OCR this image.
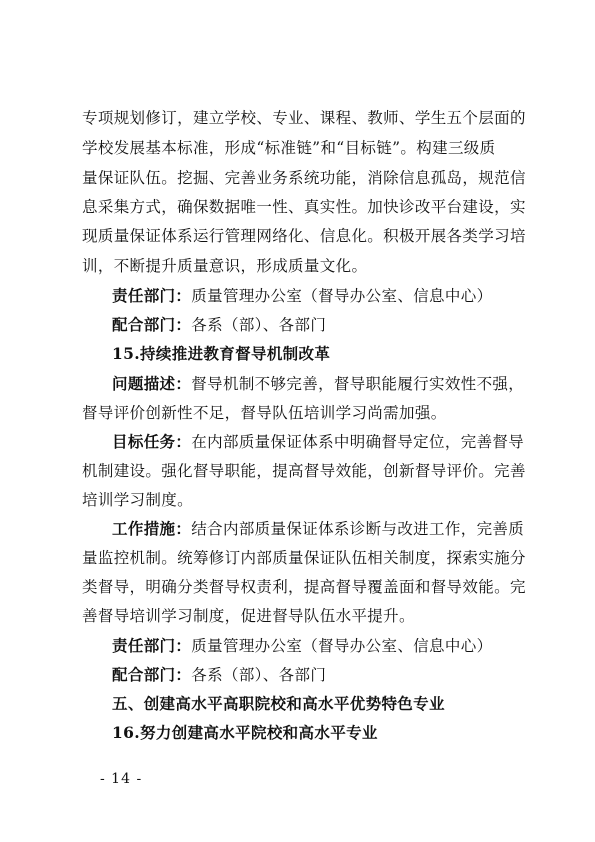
专项规划修订，建立学校、专业、课程、教师、学生五个层面的
学校发展基本标准，形成“标准链”和“目标链”。构建三级质
量保证队伍。挖掘、完善业务系统功能，消除信息孤岛，规范信
息采集方式，确保数据唯一性、真实性。加快诊改平台建设，实
现质量保证体系运行管理网络化、信息化。积极开展各类学习培
训，不断提升质量意识，形成质量文化。
责任部门：质量管理办公室（督导办公室、信息中心）
配合部门：各系（部）、各部门
15.持续推进教育督导机制改革
问题描述：督导机制不够完善，督导职能履行实效性不强，
督导评价创新性不足，督导队伍培训学习尚需加强。
目标任务：在内部质量保证体系中明确督导定位，完善督导
机制建设。强化督导职能，提高督导效能，创新督导评价。完善
培训学习制度。
工作措施：结合内部质量保证体系诊断与改进工作，完善质
量监控机制。统筹修订内部质量保证队伍相关制度，探索实施分
类督导，明确分类督导权责利，提高督导覆盖面和督导效能。完
善督导培训学习制度，促进督导队伍水平提升。
责任部门：质量管理办公室（督导办公室、信息中心）
配合部门：各系（部）、各部门
五、创建高水平高职院校和高水平优势特色专业
16.努力创建高水平院校和高水平专业
- 14 -
